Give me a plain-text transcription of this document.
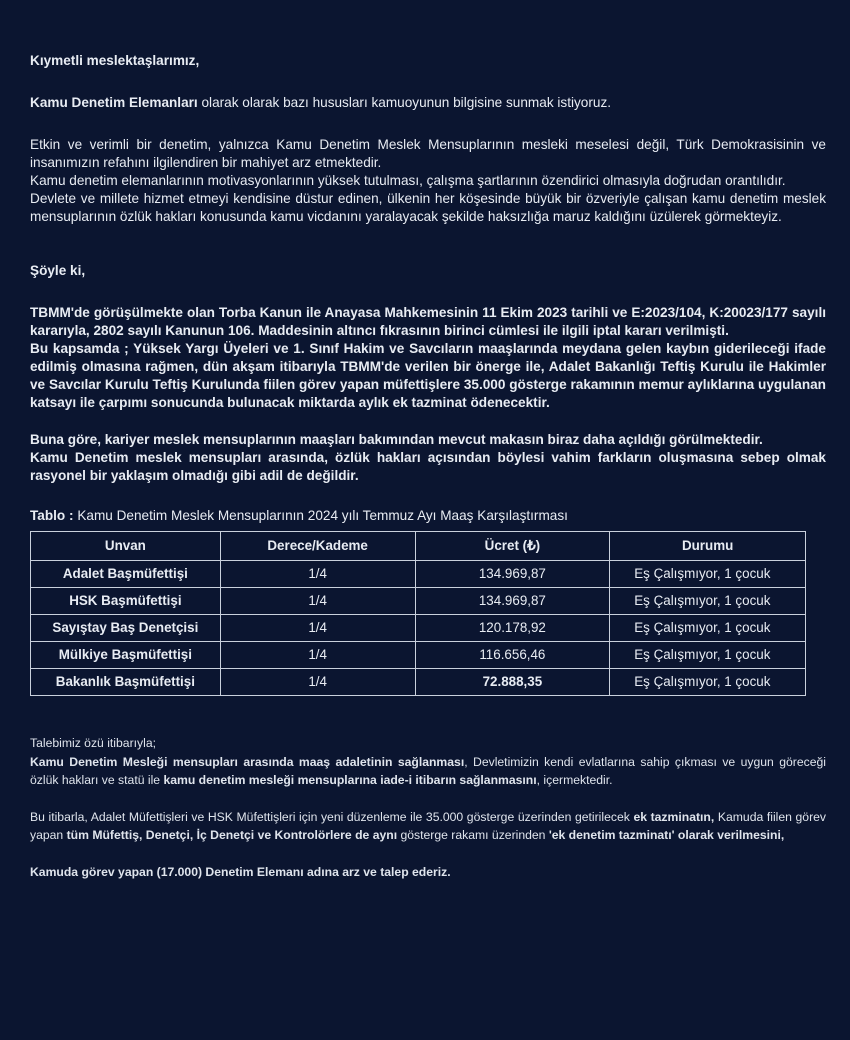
Kıymetli meslektaşlarımız,

Kamu Denetim Elemanları olarak olarak bazı hususları kamuoyunun bilgisine sunmak istiyoruz.

Etkin ve verimli bir denetim, yalnızca Kamu Denetim Meslek Mensuplarının mesleki meselesi değil, Türk Demokrasisinin ve insanımızın refahını ilgilendiren bir mahiyet arz etmektedir.

Kamu denetim elemanlarının motivasyonlarının yüksek tutulması, çalışma şartlarının özendirici olmasıyla doğrudan orantılıdır.

Devlete ve millete hizmet etmeyi kendisine düstur edinen, ülkenin her köşesinde büyük bir özveriyle çalışan kamu denetim meslek mensuplarının özlük hakları konusunda kamu vicdanını yaralayacak şekilde haksızlığa maruz kaldığını üzülerek görmekteyiz.

Şöyle ki,

TBMM'de görüşülmekte olan Torba Kanun ile Anayasa Mahkemesinin 11 Ekim 2023 tarihli ve E:2023/104, K:20023/177 sayılı kararıyla, 2802 sayılı Kanunun 106. Maddesinin altıncı fıkrasının birinci cümlesi ile ilgili iptal kararı verilmişti.

Bu kapsamda ; Yüksek Yargı Üyeleri ve 1. Sınıf Hakim ve Savcıların maaşlarında meydana gelen kaybın giderileceği ifade edilmiş olmasına rağmen, dün akşam itibarıyla TBMM'de verilen bir önerge ile, Adalet Bakanlığı Teftiş Kurulu ile Hakimler ve Savcılar Kurulu Teftiş Kurulunda fiilen görev yapan müfettişlere 35.000 gösterge rakamının memur aylıklarına uygulanan katsayı ile çarpımı sonucunda bulunacak miktarda aylık ek tazminat ödenecektir.

Buna göre, kariyer meslek mensuplarının maaşları bakımından mevcut makasın biraz daha açıldığı görülmektedir.

Kamu Denetim meslek mensupları arasında, özlük hakları açısından böylesi vahim farkların oluşmasına sebep olmak rasyonel bir yaklaşım olmadığı gibi adil de değildir.

Tablo : Kamu Denetim Meslek Mensuplarının 2024 yılı Temmuz Ayı Maaş Karşılaştırması

Unvan	Derece/Kademe	Ücret (₺)	Durumu
Adalet Başmüfettişi	1/4	134.969,87	Eş Çalışmıyor, 1 çocuk
HSK Başmüfettişi	1/4	134.969,87	Eş Çalışmıyor, 1 çocuk
Sayıştay Baş Denetçisi	1/4	120.178,92	Eş Çalışmıyor, 1 çocuk
Mülkiye Başmüfettişi	1/4	116.656,46	Eş Çalışmıyor, 1 çocuk
Bakanlık Başmüfettişi	1/4	72.888,35	Eş Çalışmıyor, 1 çocuk

Talebimiz özü itibarıyla;

Kamu Denetim Mesleği mensupları arasında maaş adaletinin sağlanması, Devletimizin kendi evlatlarına sahip çıkması ve uygun göreceği özlük hakları ve statü ile kamu denetim mesleği mensuplarına iade-i itibarın sağlanmasını, içermektedir.

Bu itibarla, Adalet Müfettişleri ve HSK Müfettişleri için yeni düzenleme ile 35.000 gösterge üzerinden getirilecek ek tazminatın, Kamuda fiilen görev yapan tüm Müfettiş, Denetçi, İç Denetçi ve Kontrolörlere de aynı gösterge rakamı üzerinden 'ek denetim tazminatı' olarak verilmesini,

Kamuda görev yapan (17.000) Denetim Elemanı adına arz ve talep ederiz.
